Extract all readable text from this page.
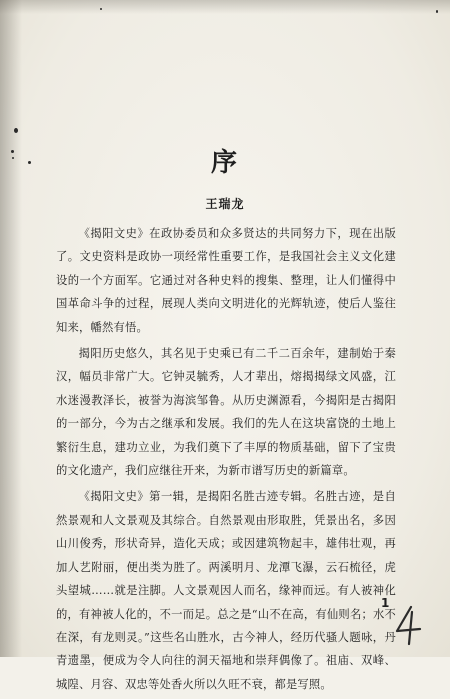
序
王瑞龙

《揭阳文史》在政协委员和众多贤达的共同努力下，现在出版了。文史资料是政协一项经常性重要工作，是我国社会主义文化建设的一个方面军。它通过对各种史料的搜集、整理，让人们懂得中国革命斗争的过程，展现人类向文明进化的光辉轨迹，使后人鉴往知来，幡然有悟。

揭阳历史悠久，其名见于史乘已有二千二百余年，建制始于秦汉，幅员非常广大。它钟灵毓秀，人才辈出，熔揭揭绿文风盛，江水迷漫教泽长，被誉为海滨邹鲁。从历史渊源看，今揭阳是古揭阳的一部分，今为古之继承和发展。我们的先人在这块富饶的土地上繁衍生息，建功立业，为我们奠下了丰厚的物质基础，留下了宝贵的文化遗产，我们应继往开来，为新市谱写历史的新篇章。

《揭阳文史》第一辑，是揭阳名胜古迹专辑。名胜古迹，是自然景观和人文景观及其综合。自然景观由形取胜，凭景出名，多因山川俊秀，形状奇异，造化天成；或因建筑物起丰，雄伟壮观，再加人艺附丽，便出类为胜了。两溪明月、龙潭飞瀑，云石梳径，虎头望城……就是注脚。人文景观因人而名，缘神而远。有人被神化的，有神被人化的，不一而足。总之是“山不在高，有仙则名；水不在深，有龙则灵。”这些名山胜水，古今神人，经历代骚人题咏，丹青遗墨，便成为令人向往的洞天福地和崇拜偶像了。祖庙、双峰、城隍、月容、双忠等处香火所以久旺不衰，都是写照。

1
